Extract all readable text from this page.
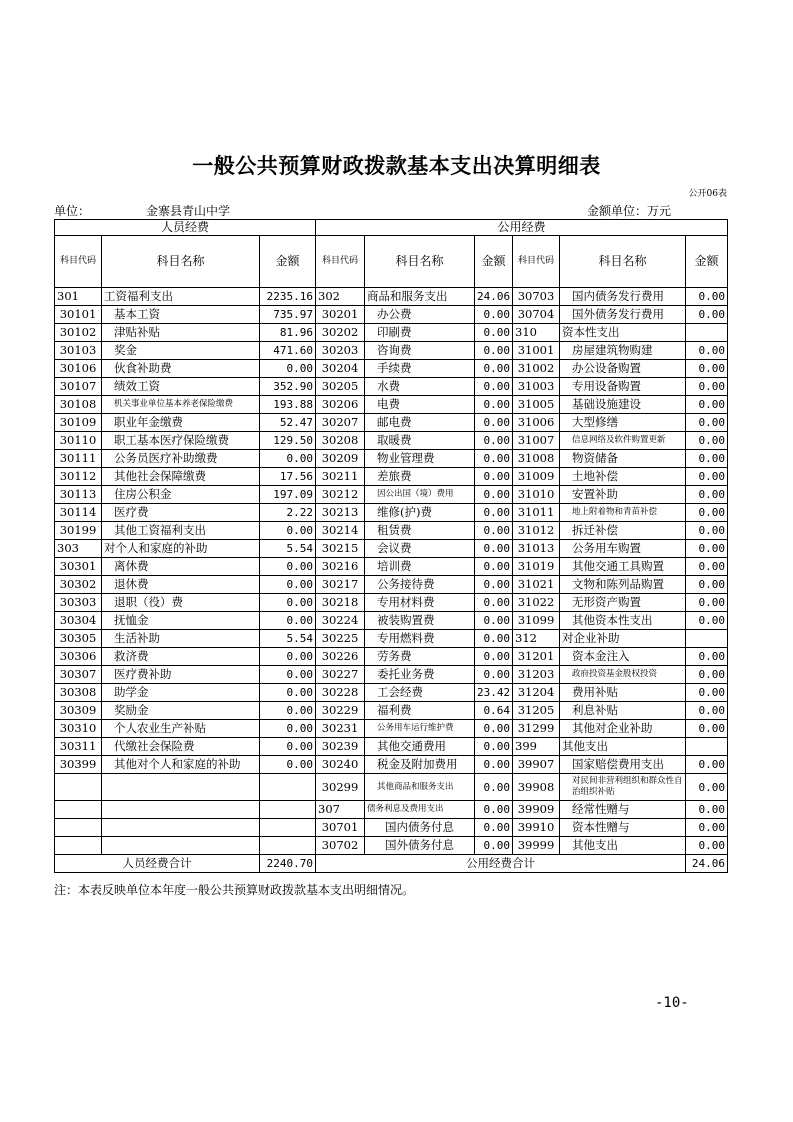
一般公共预算财政拨款基本支出决算明细表
公开06表
单位：	金寨县青山中学	金额单位：万元
人员经费			公用经费					
科目代码	科目名称	金额	科目代码	科目名称	金额	科目代码	科目名称	金额
301	工资福利支出	2235.16	302	商品和服务支出	24.06	30703	国内债务发行费用	0.00
30101	基本工资	735.97	30201	办公费	0.00	30704	国外债务发行费用	0.00
30102	津贴补贴	81.96	30202	印刷费	0.00	310	资本性支出	
30103	奖金	471.60	30203	咨询费	0.00	31001	房屋建筑物购建	0.00
30106	伙食补助费	0.00	30204	手续费	0.00	31002	办公设备购置	0.00
30107	绩效工资	352.90	30205	水费	0.00	31003	专用设备购置	0.00
30108	机关事业单位基本养老保险缴费	193.88	30206	电费	0.00	31005	基础设施建设	0.00
30109	职业年金缴费	52.47	30207	邮电费	0.00	31006	大型修缮	0.00
30110	职工基本医疗保险缴费	129.50	30208	取暖费	0.00	31007	信息网络及软件购置更新	0.00
30111	公务员医疗补助缴费	0.00	30209	物业管理费	0.00	31008	物资储备	0.00
30112	其他社会保障缴费	17.56	30211	差旅费	0.00	31009	土地补偿	0.00
30113	住房公积金	197.09	30212	因公出国（境）费用	0.00	31010	安置补助	0.00
30114	医疗费	2.22	30213	维修(护)费	0.00	31011	地上附着物和青苗补偿	0.00
30199	其他工资福利支出	0.00	30214	租赁费	0.00	31012	拆迁补偿	0.00
303	对个人和家庭的补助	5.54	30215	会议费	0.00	31013	公务用车购置	0.00
30301	离休费	0.00	30216	培训费	0.00	31019	其他交通工具购置	0.00
30302	退休费	0.00	30217	公务接待费	0.00	31021	文物和陈列品购置	0.00
30303	退职（役）费	0.00	30218	专用材料费	0.00	31022	无形资产购置	0.00
30304	抚恤金	0.00	30224	被装购置费	0.00	31099	其他资本性支出	0.00
30305	生活补助	5.54	30225	专用燃料费	0.00	312	对企业补助	
30306	救济费	0.00	30226	劳务费	0.00	31201	资本金注入	0.00
30307	医疗费补助	0.00	30227	委托业务费	0.00	31203	政府投资基金股权投资	0.00
30308	助学金	0.00	30228	工会经费	23.42	31204	费用补贴	0.00
30309	奖励金	0.00	30229	福利费	0.64	31205	利息补贴	0.00
30310	个人农业生产补贴	0.00	30231	公务用车运行维护费	0.00	31299	其他对企业补助	0.00
30311	代缴社会保险费	0.00	30239	其他交通费用	0.00	399	其他支出	
30399	其他对个人和家庭的补助	0.00	30240	税金及附加费用	0.00	39907	国家赔偿费用支出	0.00
			30299	其他商品和服务支出	0.00	39908	对民间非营利组织和群众性自治组织补贴	0.00
			307	债务利息及费用支出	0.00	39909	经常性赠与	0.00
			30701	国内债务付息	0.00	39910	资本性赠与	0.00
			30702	国外债务付息	0.00	39999	其他支出	0.00
人员经费合计		2240.70	公用经费合计					24.06
注：本表反映单位本年度一般公共预算财政拨款基本支出明细情况。
-10-
